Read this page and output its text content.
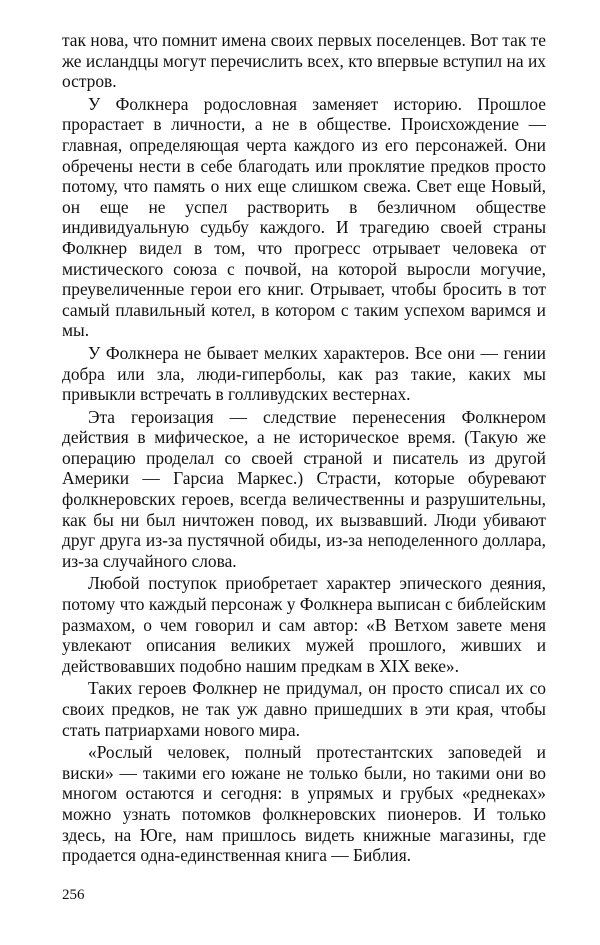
так нова, что помнит имена своих первых поселенцев. Вот так те же исландцы могут перечислить всех, кто впервые вступил на их остров.

У Фолкнера родословная заменяет историю. Прошлое прорастает в личности, а не в обществе. Происхождение — главная, определяющая черта каждого из его персонажей. Они обречены нести в себе благодать или проклятие предков просто потому, что память о них еще слишком свежа. Свет еще Новый, он еще не успел растворить в безличном обществе индивидуальную судьбу каждого. И трагедию своей страны Фолкнер видел в том, что прогресс отрывает человека от мистического союза с почвой, на которой выросли могучие, преувеличенные герои его книг. Отрывает, чтобы бросить в тот самый плавильный котел, в котором с таким успехом варимся и мы.

У Фолкнера не бывает мелких характеров. Все они — гении добра или зла, люди-гиперболы, как раз такие, каких мы привыкли встречать в голливудских вестернах.

Эта героизация — следствие перенесения Фолкнером действия в мифическое, а не историческое время. (Такую же операцию проделал со своей страной и писатель из другой Америки — Гарсиа Маркес.) Страсти, которые обуревают фолкнеровских героев, всегда величественны и разрушительны, как бы ни был ничтожен повод, их вызвавший. Люди убивают друг друга из-за пустячной обиды, из-за неподеленного доллара, из-за случайного слова.

Любой поступок приобретает характер эпического деяния, потому что каждый персонаж у Фолкнера выписан с библейским размахом, о чем говорил и сам автор: «В Ветхом завете меня увлекают описания великих мужей прошлого, живших и действовавших подобно нашим предкам в XIX веке».

Таких героев Фолкнер не придумал, он просто списал их со своих предков, не так уж давно пришедших в эти края, чтобы стать патриархами нового мира.

«Рослый человек, полный протестантских заповедей и виски» — такими его южане не только были, но такими они во многом остаются и сегодня: в упрямых и грубых «реднеках» можно узнать потомков фолкнеровских пионеров. И только здесь, на Юге, нам пришлось видеть книжные магазины, где продается одна-единственная книга — Библия.

256
